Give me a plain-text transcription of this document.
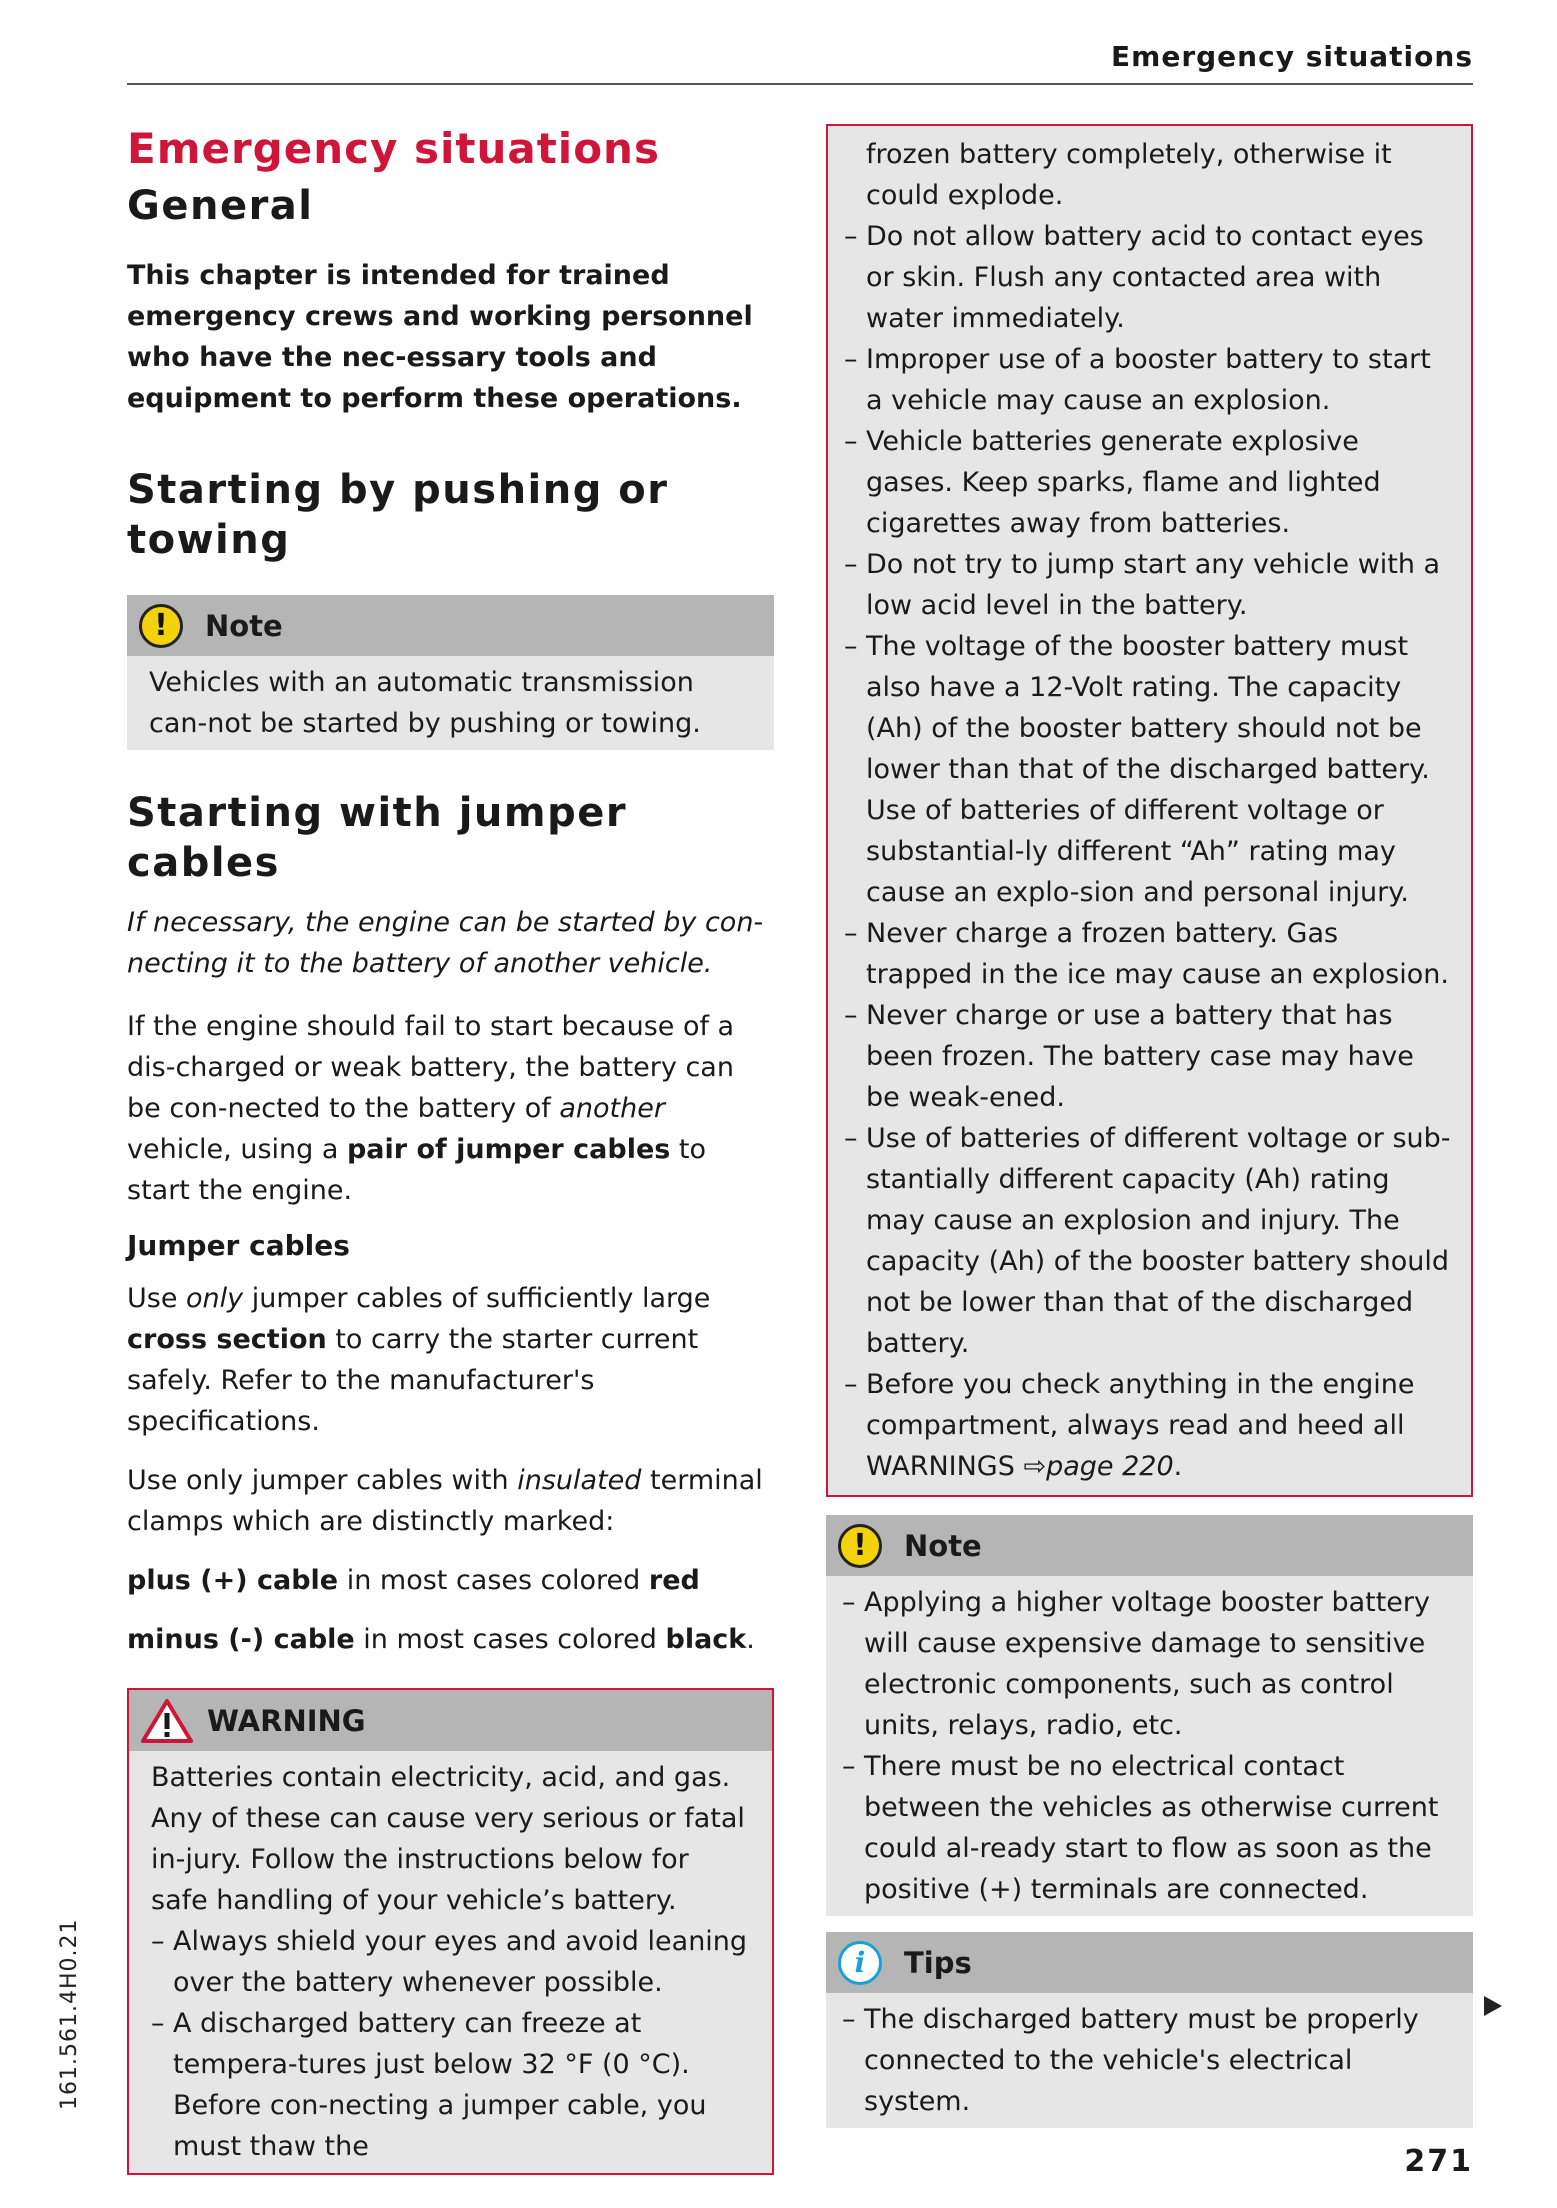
Emergency situations
Emergency situations
General
This chapter is intended for trained emergency crews and working personnel who have the nec-essary tools and equipment to perform these operations.
Starting by pushing or towing
!	Note
Vehicles with an automatic transmission can-not be started by pushing or towing.
Starting with jumper cables
If necessary, the engine can be started by con-necting it to the battery of another vehicle.
If the engine should fail to start because of a dis-charged or weak battery, the battery can be con-nected to the battery of another vehicle, using a pair of jumper cables to start the engine.
Jumper cables
Use only jumper cables of sufficiently large cross section to carry the starter current safely. Refer to the manufacturer's specifications.
Use only jumper cables with insulated terminal clamps which are distinctly marked:
plus (+) cable in most cases colored red
minus (-) cable in most cases colored black.
WARNING
Batteries contain electricity, acid, and gas. Any of these can cause very serious or fatal in-jury. Follow the instructions below for safe handling of your vehicle’s battery.
– Always shield your eyes and avoid leaning over the battery whenever possible.
– A discharged battery can freeze at tempera-tures just below 32 °F (0 °C). Before con-necting a jumper cable, you must thaw the
frozen battery completely, otherwise it could explode.
– Do not allow battery acid to contact eyes or skin. Flush any contacted area with water immediately.
– Improper use of a booster battery to start a vehicle may cause an explosion.
– Vehicle batteries generate explosive gases. Keep sparks, flame and lighted cigarettes away from batteries.
– Do not try to jump start any vehicle with a low acid level in the battery.
– The voltage of the booster battery must also have a 12-Volt rating. The capacity (Ah) of the booster battery should not be lower than that of the discharged battery. Use of batteries of different voltage or substantial-ly different “Ah” rating may cause an explo-sion and personal injury.
– Never charge a frozen battery. Gas trapped in the ice may cause an explosion.
– Never charge or use a battery that has been frozen. The battery case may have be weak-ened.
– Use of batteries of different voltage or sub-stantially different capacity (Ah) rating may cause an explosion and injury. The capacity (Ah) of the booster battery should not be lower than that of the discharged battery.
– Before you check anything in the engine compartment, always read and heed all WARNINGS ⇨page 220.
!	Note
– Applying a higher voltage booster battery will cause expensive damage to sensitive electronic components, such as control units, relays, radio, etc.
– There must be no electrical contact between the vehicles as otherwise current could al-ready start to flow as soon as the positive (+) terminals are connected.
i	Tips
– The discharged battery must be properly connected to the vehicle's electrical system.
161.561.4H0.21
271
